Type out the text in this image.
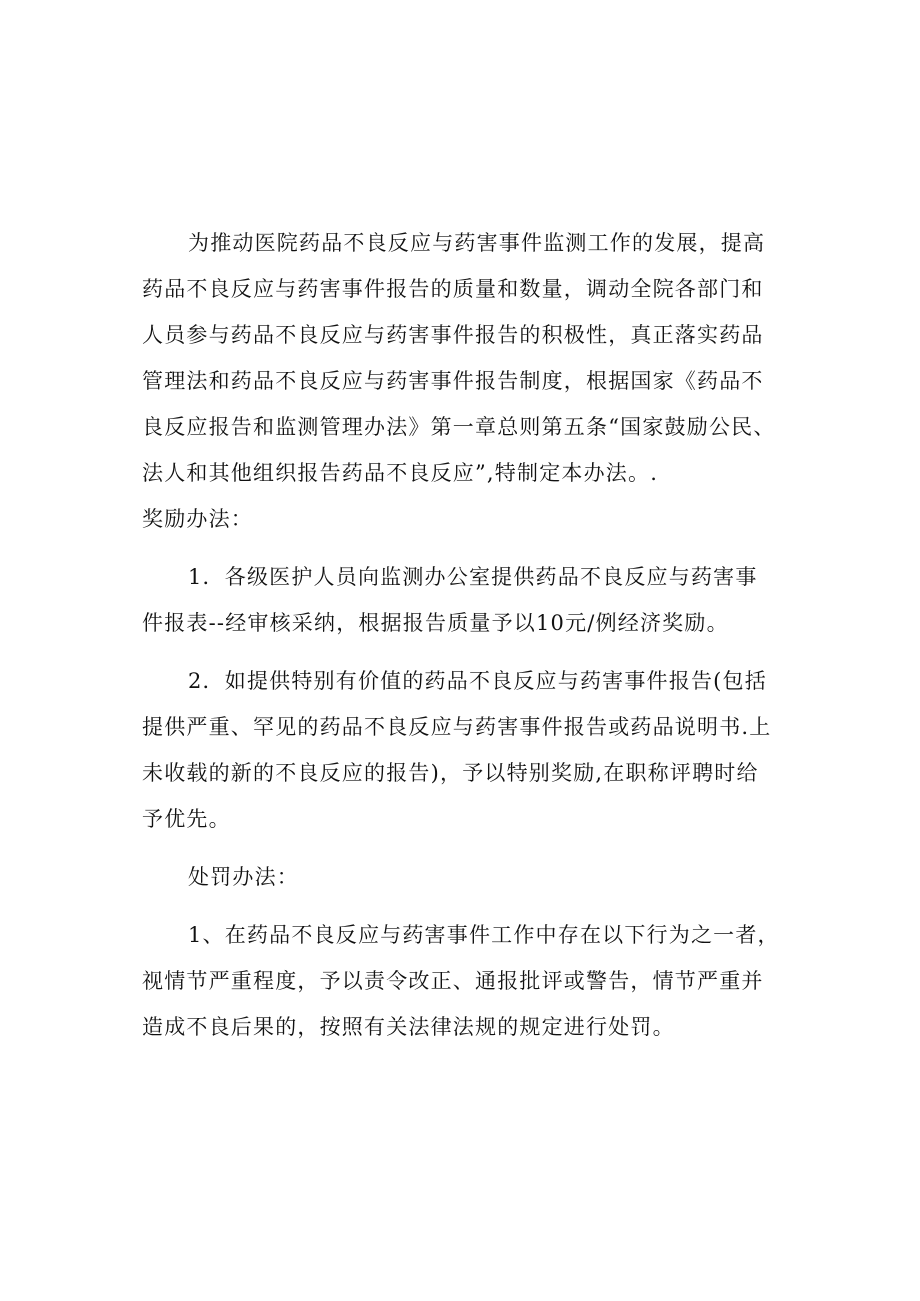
为推动医院药品不良反应与药害事件监测工作的发展，提高
药品不良反应与药害事件报告的质量和数量，调动全院各部门和
人员参与药品不良反应与药害事件报告的积极性，真正落实药品
管理法和药品不良反应与药害事件报告制度，根据国家《药品不
良反应报告和监测管理办法》第一章总则第五条“国家鼓励公民、
法人和其他组织报告药品不良反应”,特制定本办法。.
奖励办法：
1．各级医护人员向监测办公室提供药品不良反应与药害事
件报表--经审核采纳，根据报告质量予以10元/例经济奖励。
2．如提供特别有价值的药品不良反应与药害事件报告(包括
提供严重、罕见的药品不良反应与药害事件报告或药品说明书.上
未收载的新的不良反应的报告)，予以特别奖励,在职称评聘时给
予优先。
处罚办法：
1、在药品不良反应与药害事件工作中存在以下行为之一者，
视情节严重程度，予以责令改正、通报批评或警告，情节严重并
造成不良后果的，按照有关法律法规的规定进行处罚。
